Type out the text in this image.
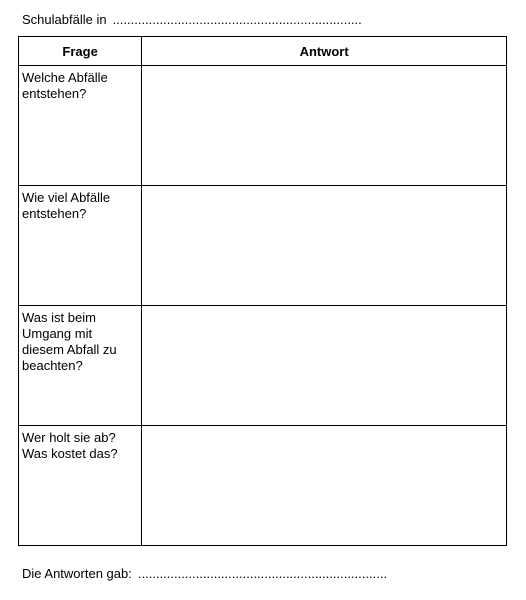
Schulabfälle in .....................................................................
Frage	Antwort

Welche Abfälle
entstehen?	

Wie viel Abfälle
entstehen?	

Was ist beim
Umgang mit
diesem Abfall zu
beachten?	

Wer holt sie ab?
Was kostet das?	

Die Antworten gab: .....................................................................
